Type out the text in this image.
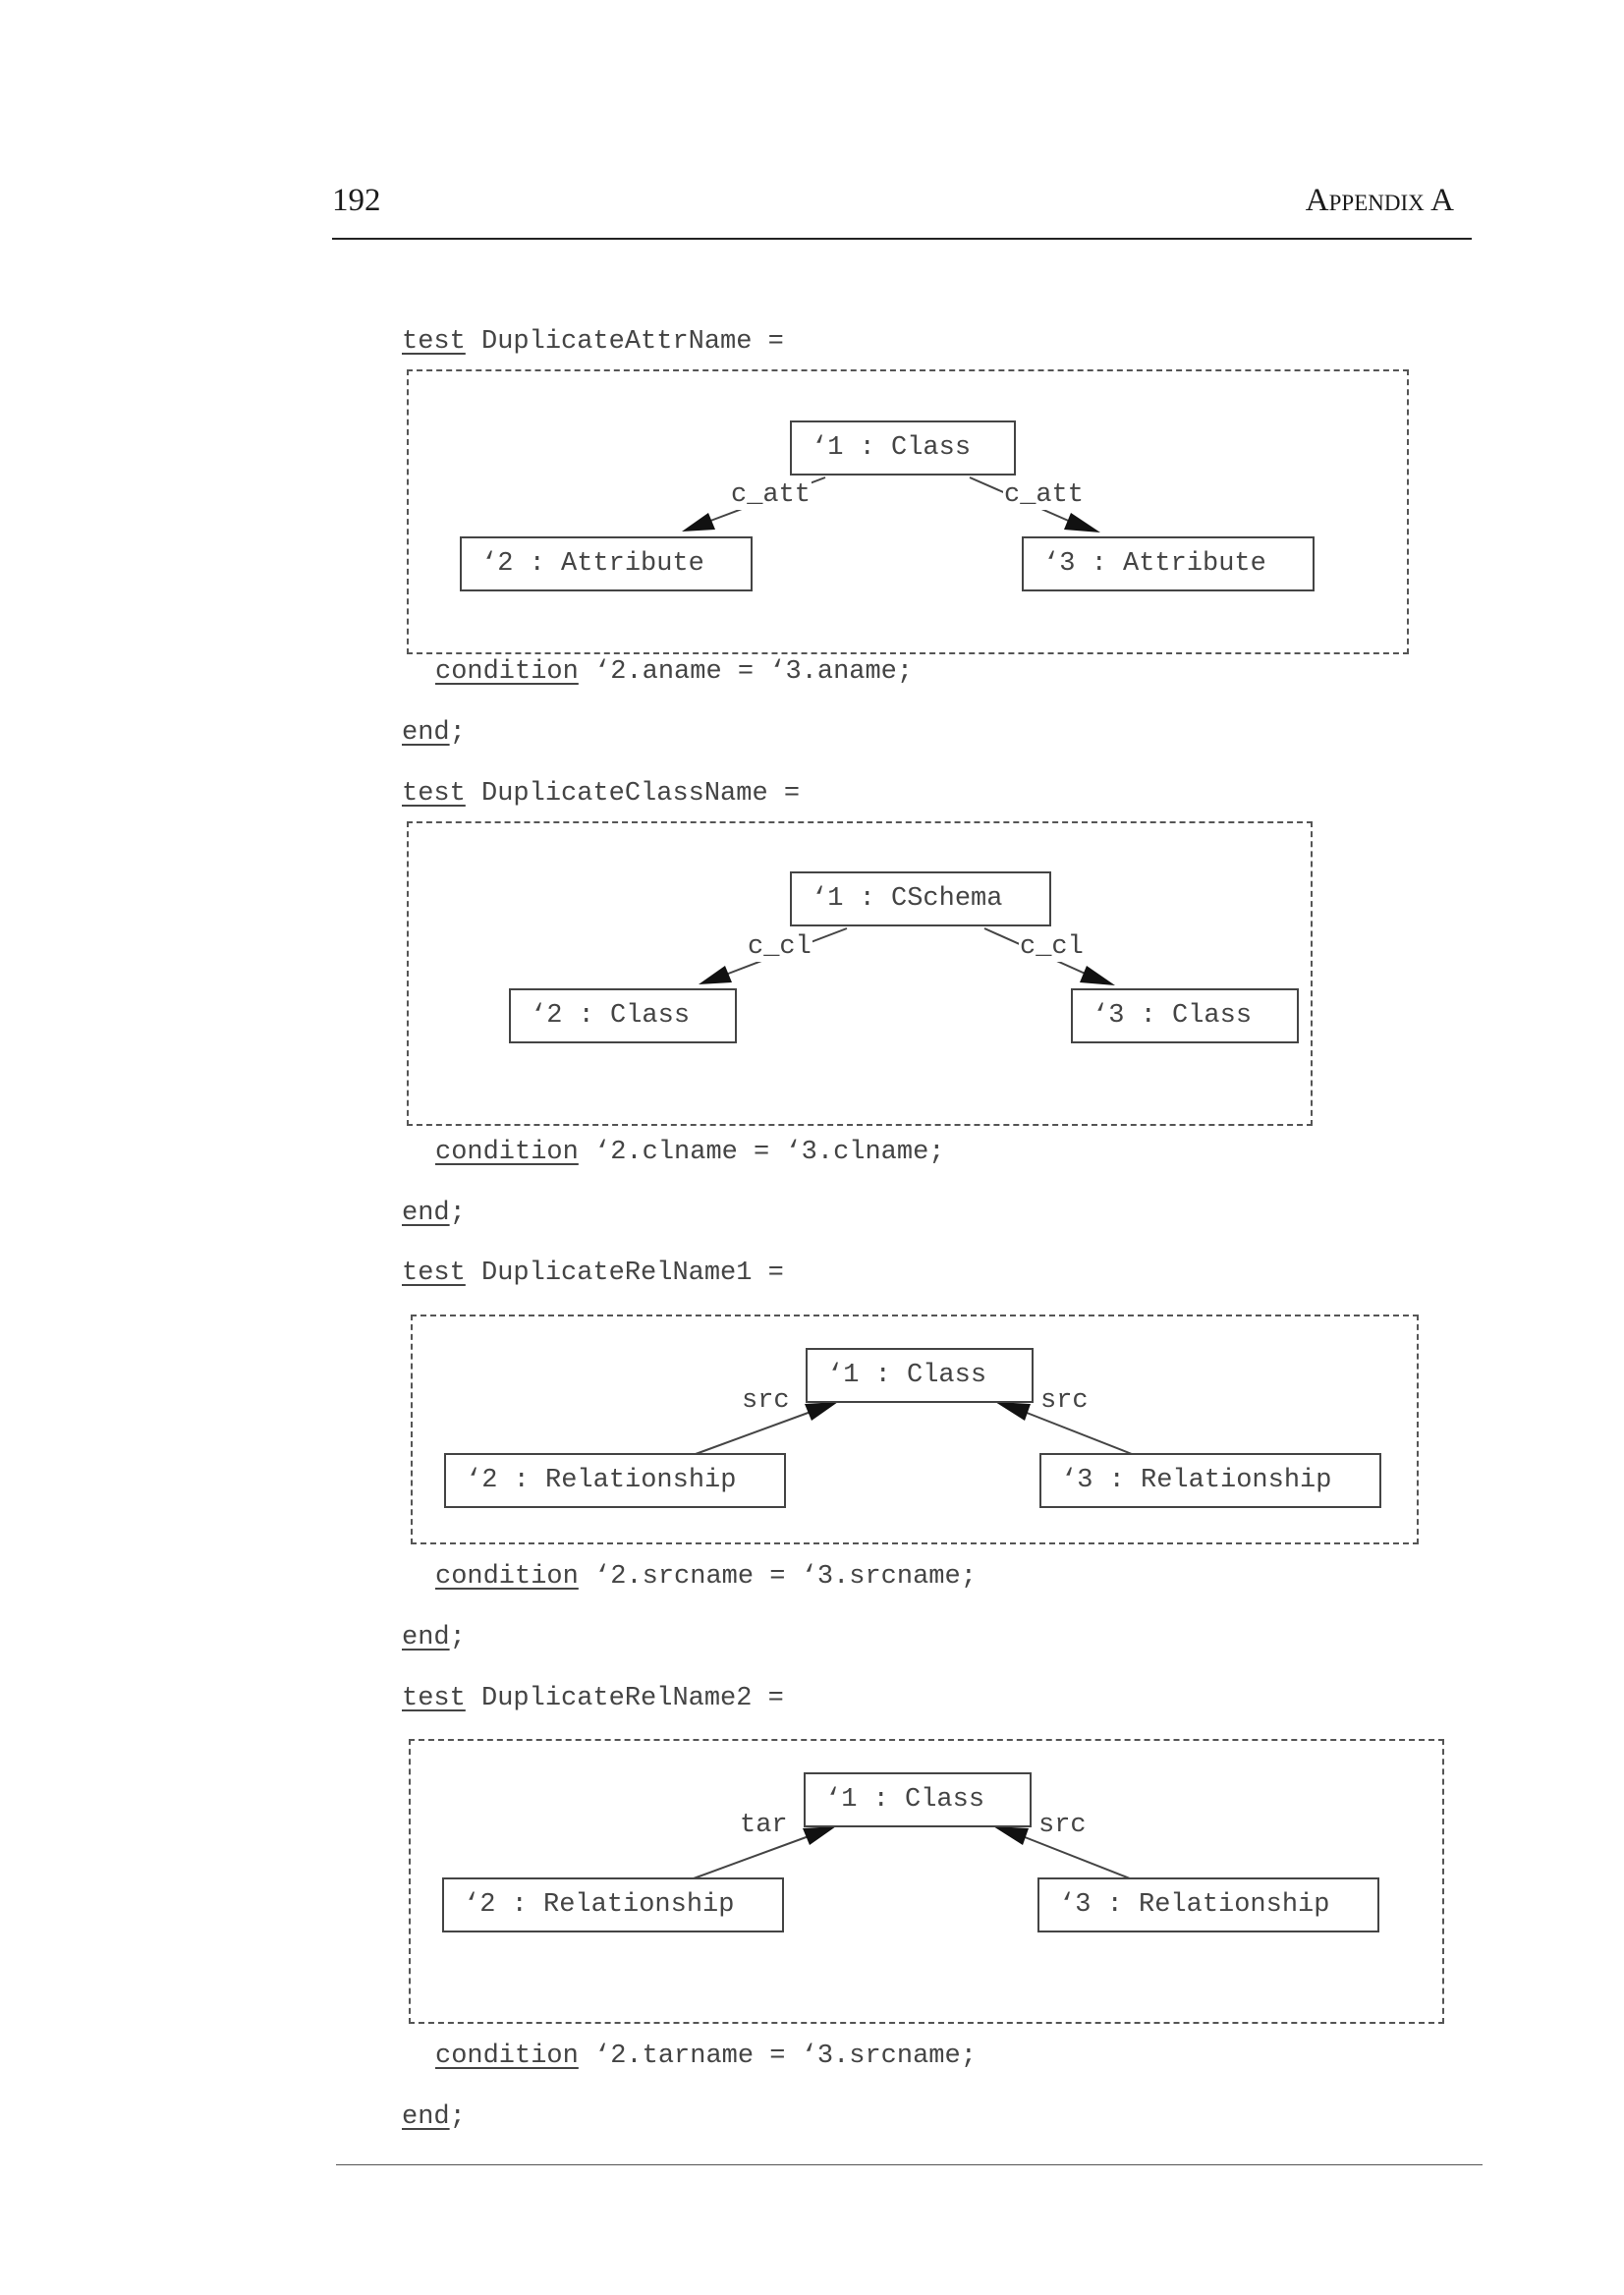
192	Appendix A
test DuplicateAttrName =
‘1 : Class
‘2 : Attribute	‘3 : Attribute
c_att	c_att
condition ‘2.aname = ‘3.aname;
end;
test DuplicateClassName =
‘1 : CSchema
‘2 : Class	‘3 : Class
c_cl	c_cl
condition ‘2.clname = ‘3.clname;
end;
test DuplicateRelName1 =
‘1 : Class
‘2 : Relationship	‘3 : Relationship
src	src
condition ‘2.srcname = ‘3.srcname;
end;
test DuplicateRelName2 =
‘1 : Class
‘2 : Relationship	‘3 : Relationship
tar	src
condition ‘2.tarname = ‘3.srcname;
end;
